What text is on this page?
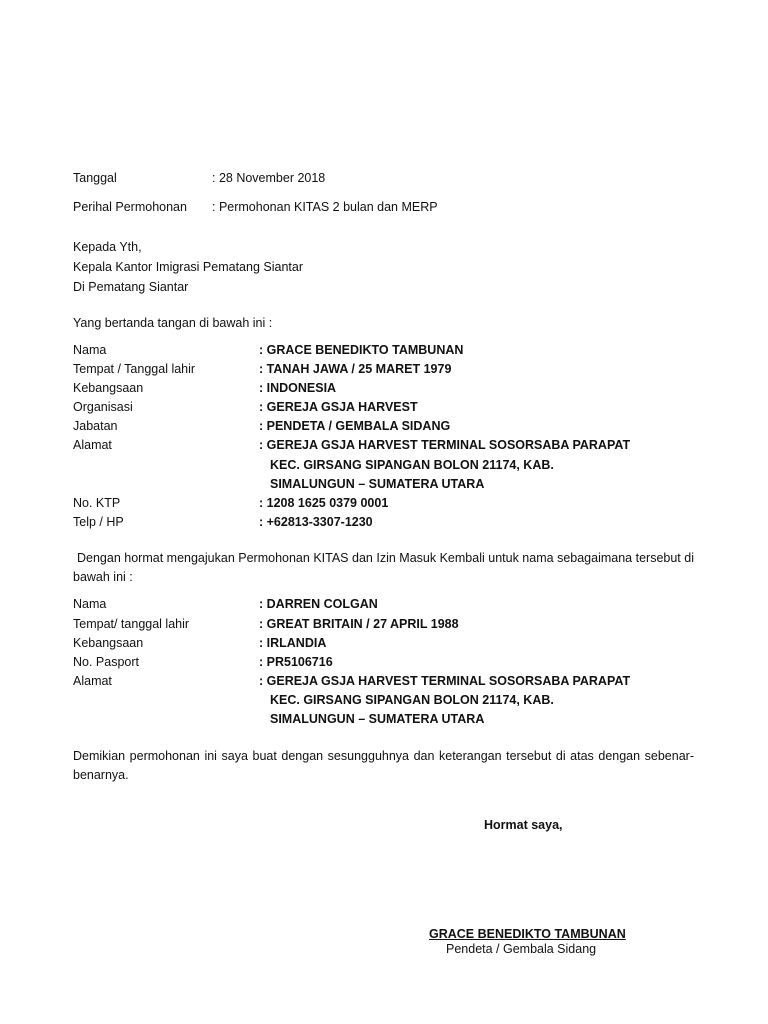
Tanggal	: 28 November 2018
Perihal Permohonan : Permohonan KITAS 2 bulan dan MERP
Kepada Yth,
Kepala Kantor Imigrasi Pematang Siantar
Di Pematang Siantar
Yang bertanda tangan di bawah ini :
Nama	: GRACE BENEDIKTO TAMBUNAN
Tempat / Tanggal lahir	: TANAH JAWA / 25 MARET 1979
Kebangsaan	: INDONESIA
Organisasi	: GEREJA GSJA HARVEST
Jabatan	: PENDETA / GEMBALA SIDANG
Alamat	: GEREJA GSJA HARVEST TERMINAL SOSORSABA PARAPAT
KEC. GIRSANG SIPANGAN BOLON 21174, KAB.
SIMALUNGUN – SUMATERA UTARA
No. KTP	: 1208 1625 0379 0001
Telp / HP	: +62813-3307-1230
Dengan hormat mengajukan Permohonan KITAS dan Izin Masuk Kembali untuk nama sebagaimana tersebut di bawah ini :
Nama	: DARREN COLGAN
Tempat/ tanggal lahir	: GREAT BRITAIN / 27 APRIL 1988
Kebangsaan	: IRLANDIA
No. Pasport	: PR5106716
Alamat	: GEREJA GSJA HARVEST TERMINAL SOSORSABA PARAPAT
KEC. GIRSANG SIPANGAN BOLON 21174, KAB.
SIMALUNGUN – SUMATERA UTARA
Demikian permohonan ini saya buat dengan sesungguhnya dan keterangan tersebut di atas dengan sebenar-benarnya.
Hormat saya,
GRACE BENEDIKTO TAMBUNAN
Pendeta / Gembala Sidang
